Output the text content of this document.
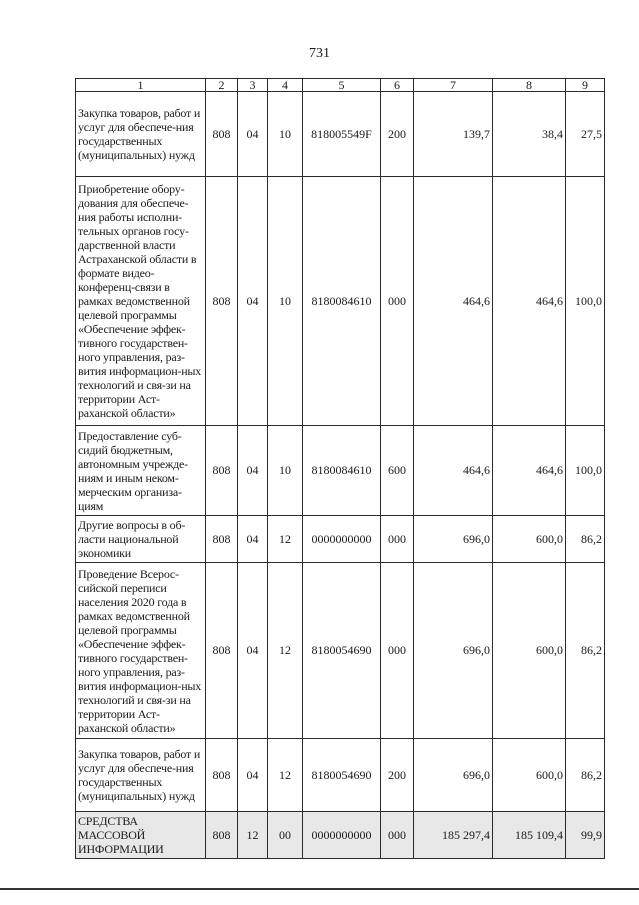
731
1	2	3	4	5	6	7	8	9
Закупка товаров, работ и услуг для обеспече-ния государственных (муниципальных) нужд	808	04	10	818005549F	200	139,7	38,4	27,5
Приобретение обору-дования для обеспече-ния работы исполни-тельных органов госу-дарственной власти Астраханской области в формате видео-конференц-связи в рамках ведомственной целевой программы «Обеспечение эффек-тивного государствен-ного управления, раз-вития информацион-ных технологий и свя-зи на территории Аст-раханской области»	808	04	10	8180084610	000	464,6	464,6	100,0
Предоставление суб-сидий бюджетным, автономным учрежде-ниям и иным неком-мерческим организа-циям	808	04	10	8180084610	600	464,6	464,6	100,0
Другие вопросы в об-ласти национальной экономики	808	04	12	0000000000	000	696,0	600,0	86,2
Проведение Всерос-сийской переписи населения 2020 года в рамках ведомственной целевой программы «Обеспечение эффек-тивного государствен-ного управления, раз-вития информацион-ных технологий и свя-зи на территории Аст-раханской области»	808	04	12	8180054690	000	696,0	600,0	86,2
Закупка товаров, работ и услуг для обеспече-ния государственных (муниципальных) нужд	808	04	12	8180054690	200	696,0	600,0	86,2
СРЕДСТВА МАССОВОЙ ИНФОРМАЦИИ	808	12	00	0000000000	000	185 297,4	185 109,4	99,9
